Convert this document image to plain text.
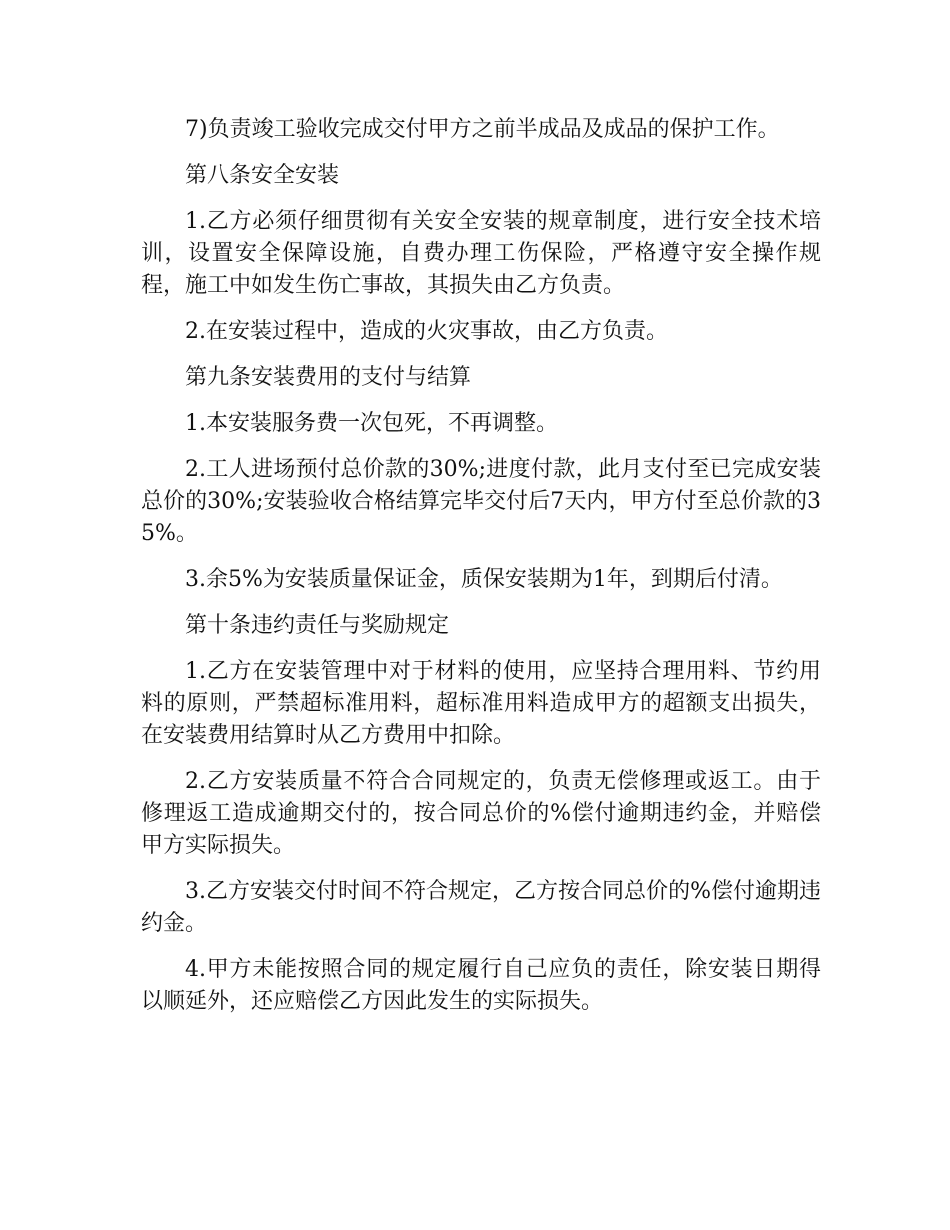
7)负责竣工验收完成交付甲方之前半成品及成品的保护工作。

第八条安全安装

1.乙方必须仔细贯彻有关安全安装的规章制度，进行安全技术培训，设置安全保障设施，自费办理工伤保险，严格遵守安全操作规程，施工中如发生伤亡事故，其损失由乙方负责。

2.在安装过程中，造成的火灾事故，由乙方负责。

第九条安装费用的支付与结算

1.本安装服务费一次包死，不再调整。

2.工人进场预付总价款的30%;进度付款，此月支付至已完成安装总价的30%;安装验收合格结算完毕交付后7天内，甲方付至总价款的35%。

3.余5%为安装质量保证金，质保安装期为1年，到期后付清。

第十条违约责任与奖励规定

1.乙方在安装管理中对于材料的使用，应坚持合理用料、节约用料的原则，严禁超标准用料，超标准用料造成甲方的超额支出损失，在安装费用结算时从乙方费用中扣除。

2.乙方安装质量不符合合同规定的，负责无偿修理或返工。由于修理返工造成逾期交付的，按合同总价的%偿付逾期违约金，并赔偿甲方实际损失。

3.乙方安装交付时间不符合规定，乙方按合同总价的%偿付逾期违约金。

4.甲方未能按照合同的规定履行自己应负的责任，除安装日期得以顺延外，还应赔偿乙方因此发生的实际损失。
